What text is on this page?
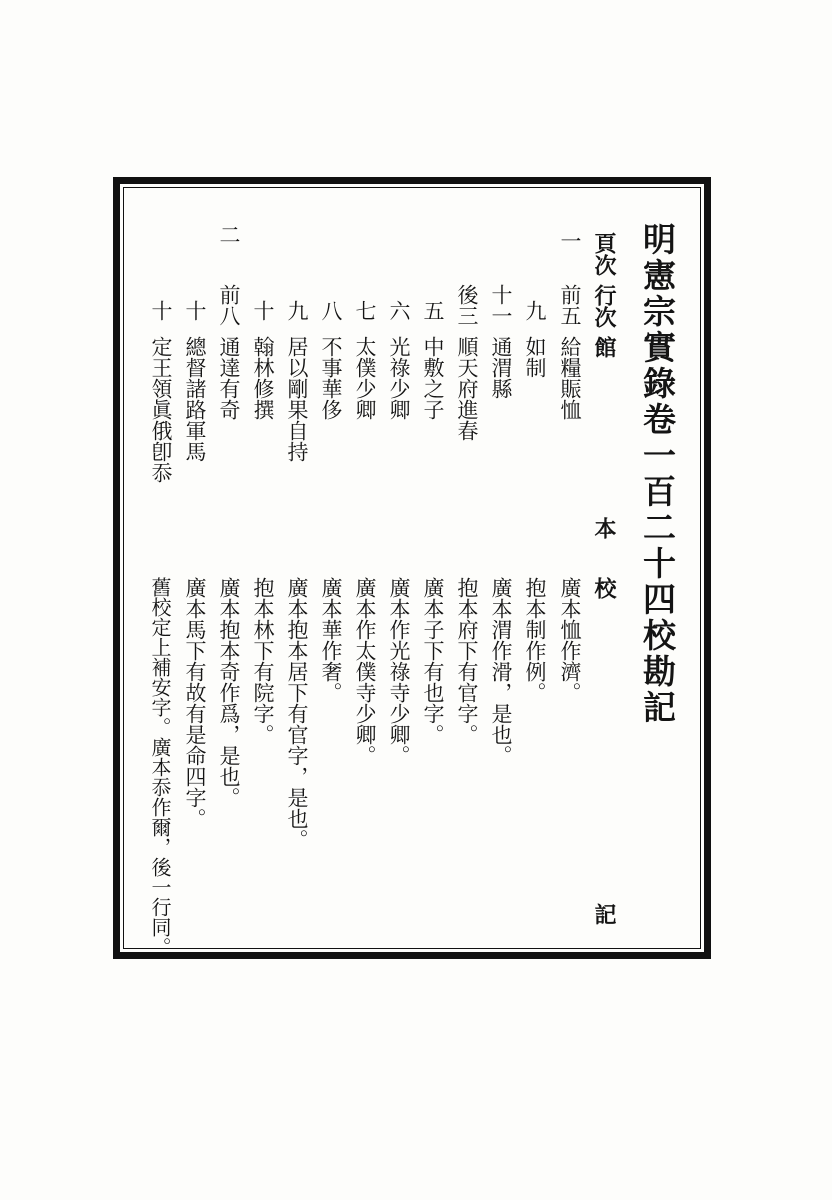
明憲宗實錄卷一百二十四校勘記
頁次
行次
館
本
校
記
一
前五
給糧賑恤
廣本恤作濟。
九
如制
抱本制作例。
十一
通渭縣
廣本渭作滑，是也。
後三
順天府進春
抱本府下有官字。
五
中敷之子
廣本子下有也字。
六
光祿少卿
廣本作光祿寺少卿。
七
太僕少卿
廣本作太僕寺少卿。
八
不事華侈
廣本華作奢。
九
居以剛果自持
廣本抱本居下有官字，是也。
十
翰林修撰
抱本林下有院字。
二
前八
通達有奇
廣本抱本奇作爲，是也。
十
總督諸路軍馬
廣本馬下有故有是命四字。
十
定王領眞俄卽忝
舊校定上補安字。廣本忝作爾，後一行同。
